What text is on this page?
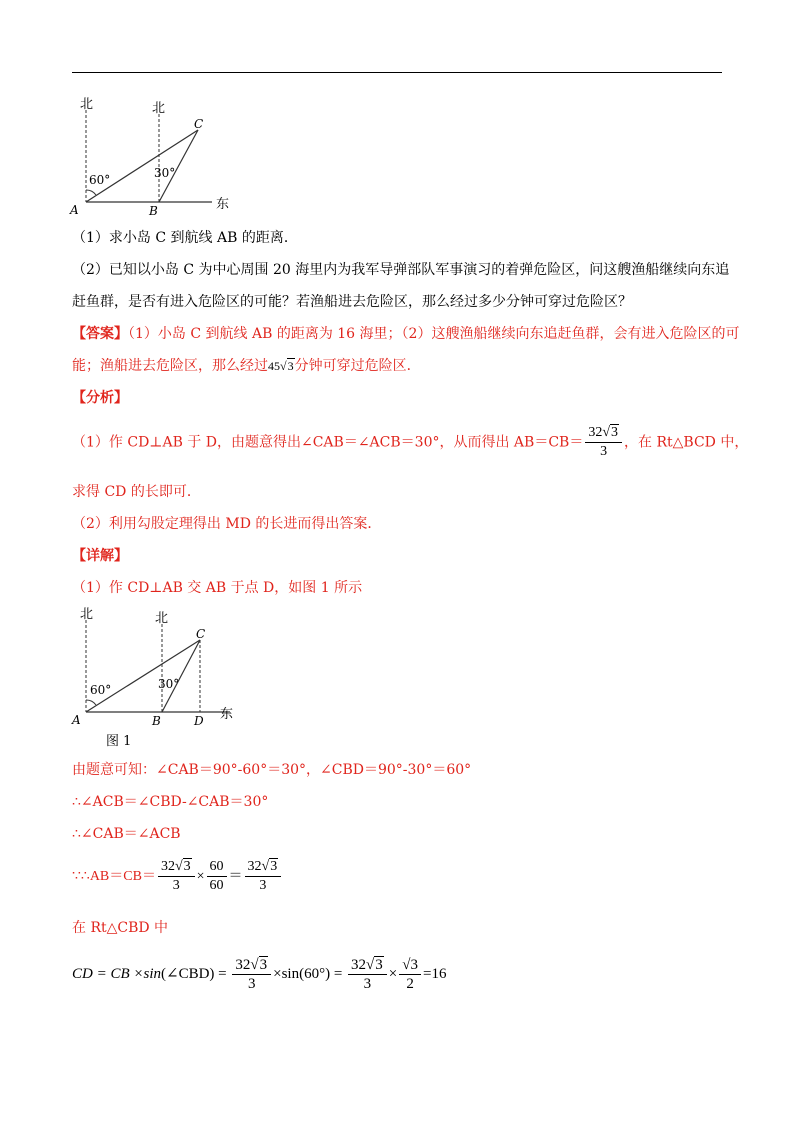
北	北
东
A	B
C
60°	30°
（1）求小岛 C 到航线 AB 的距离．
（2）已知以小岛 C 为中心周围 20 海里内为我军导弹部队军事演习的着弹危险区，问这艘渔船继续向东追
赶鱼群，是否有进入危险区的可能？若渔船进去危险区，那么经过多少分钟可穿过危险区？
【答案】（1）小岛 C 到航线 AB 的距离为 16 海里；（2）这艘渔船继续向东追赶鱼群，会有进入危险区的可
能；渔船进去危险区，那么经过45√3分钟可穿过危险区．
【分析】
（1）作 CD⊥AB 于 D，由题意得出∠CAB＝∠ACB＝30°，从而得出 $AB=CB= \frac{32√3}{3}$ ，在 Rt△BCD 中，
求得 CD 的长即可．
（2）利用勾股定理得出 MD 的长进而得出答案．
【详解】
（1）作 CD⊥AB 交 AB 于点 D，如图 1 所示
北	北
东
A	B	D
C
60°	30°
图 1
由题意可知：∠CAB＝90°-60°＝30°，∠CBD＝90°-30°＝60°
∴∠ACB＝∠CBD-∠CAB＝30°
∴∠CAB＝∠ACB
∵∴AB＝CB＝ $\frac{32√3}{3} \times \frac{60}{60} = \frac{32√3}{3}$
在 Rt△CBD 中
CD = CB ×sin(∠CBD) = $\frac{32√3}{3} \times\sin(60^\circ) = \frac{32√3}{3} \times \frac{√3}{2} =16$
